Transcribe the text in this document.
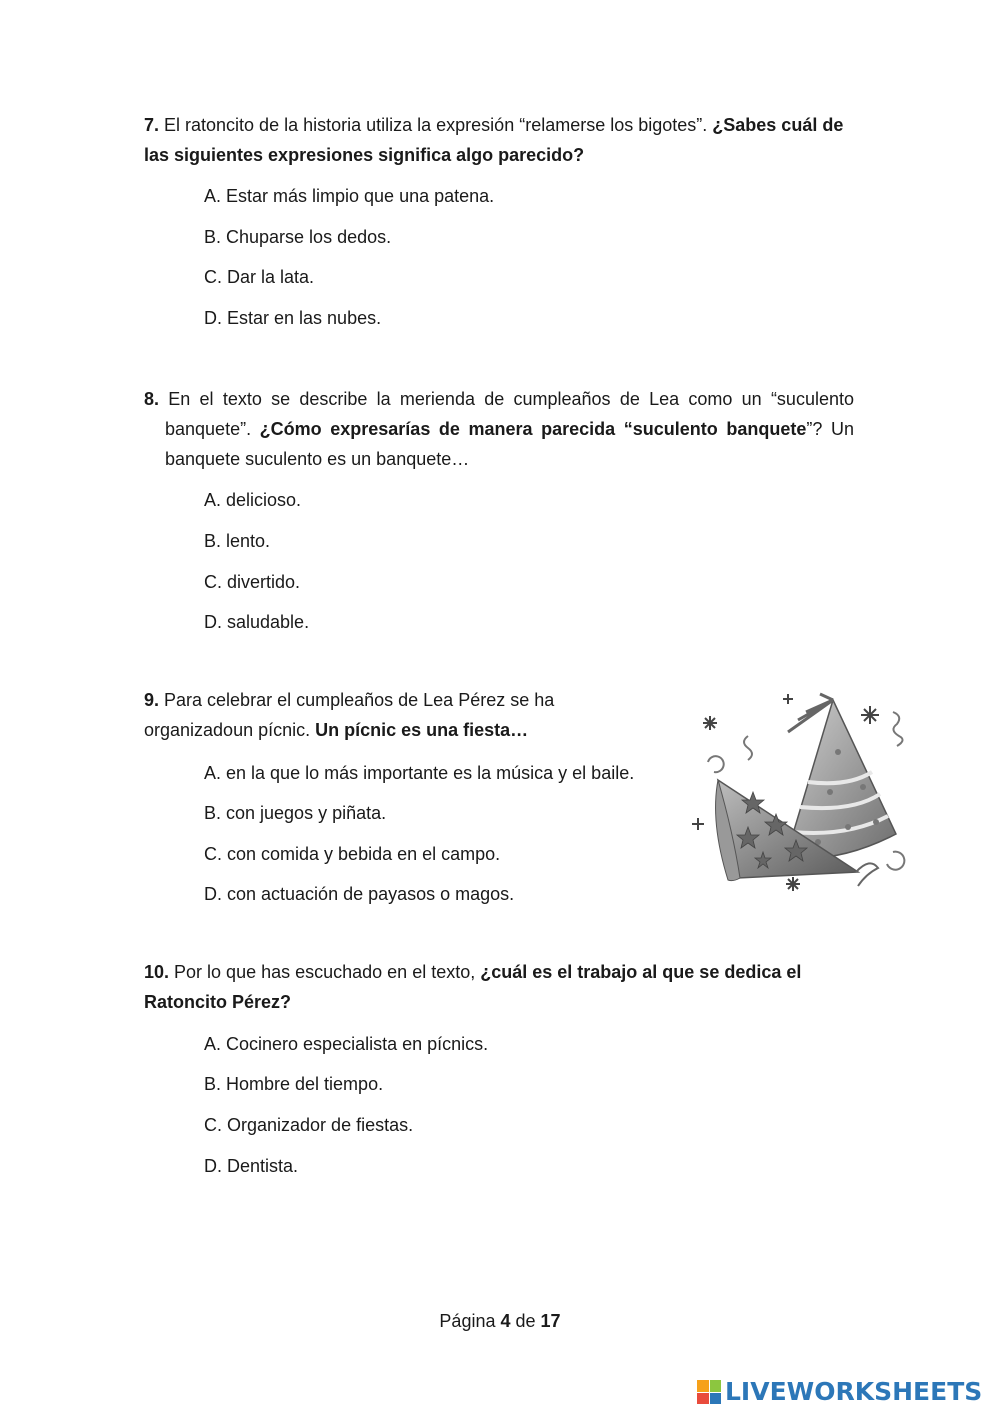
7. El ratoncito de la historia utiliza la expresión “relamerse los bigotes”. ¿Sabes cuál de las siguientes expresiones significa algo parecido?

A. Estar más limpio que una patena.
B. Chuparse los dedos.
C. Dar la lata.
D. Estar en las nubes.

8. En el texto se describe la merienda de cumpleaños de Lea como un “suculento banquete”. ¿Cómo expresarías de manera parecida “suculento banquete”? Un banquete suculento es un banquete…

A. delicioso.
B. lento.
C. divertido.
D. saludable.

9. Para celebrar el cumpleaños de Lea Pérez se ha

organizadoun pícnic. Un pícnic es una fiesta…

A. en la que lo más importante es la música y el baile.
B. con juegos y piñata.
C. con comida y bebida en el campo.
D. con actuación de payasos o magos.

10. Por lo que has escuchado en el texto, ¿cuál es el trabajo al que se dedica el Ratoncito Pérez?

A. Cocinero especialista en pícnics.
B. Hombre del tiempo.
C. Organizador de fiestas.
D. Dentista.
Página 4 de 17
LIVEWORKSHEETS
